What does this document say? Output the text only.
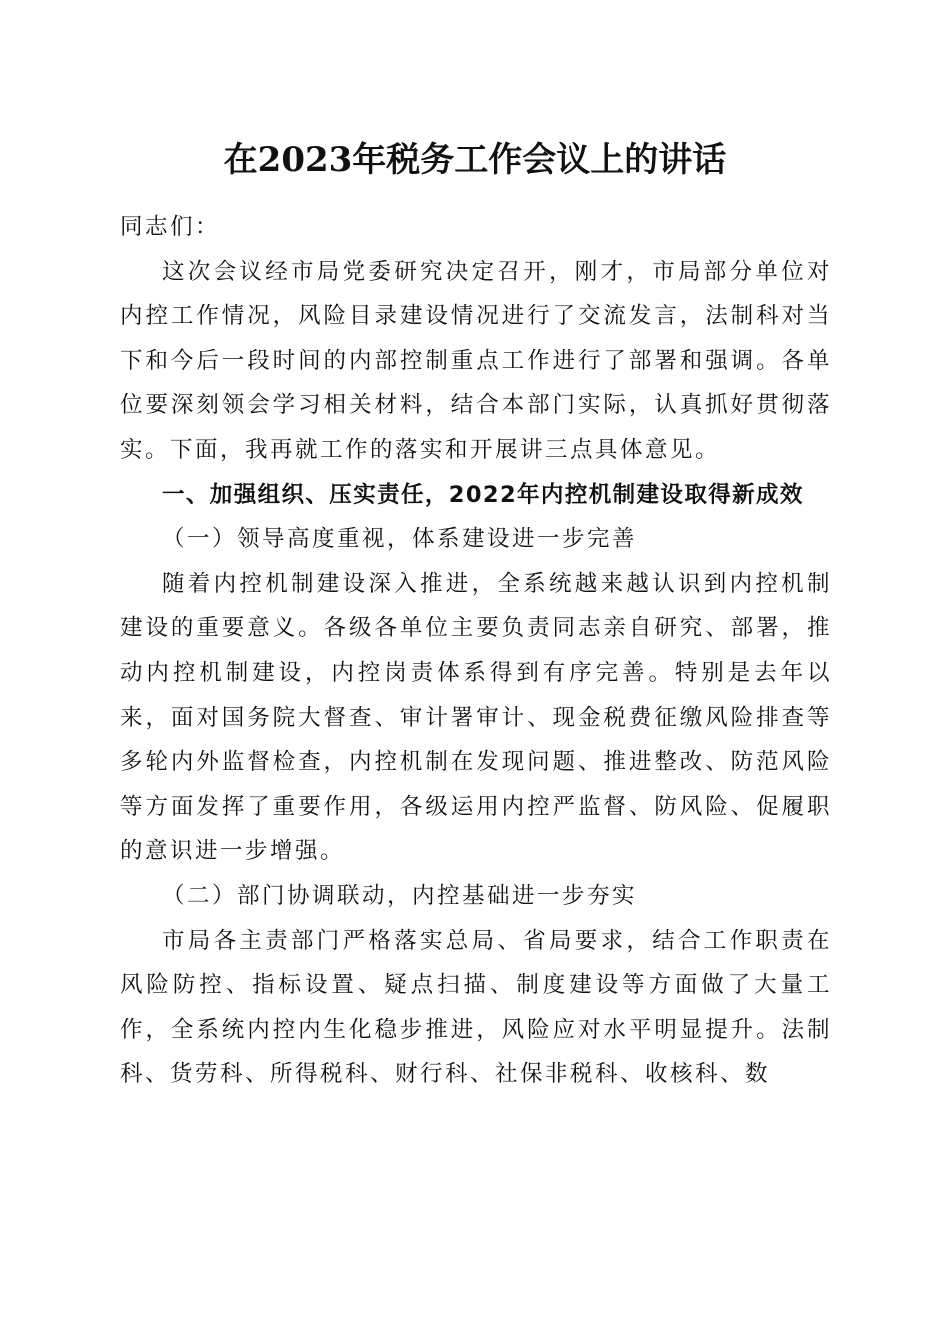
在2023年税务工作会议上的讲话

同志们：

这次会议经市局党委研究决定召开，刚才，市局部分单位对内控工作情况，风险目录建设情况进行了交流发言，法制科对当下和今后一段时间的内部控制重点工作进行了部署和强调。各单位要深刻领会学习相关材料，结合本部门实际，认真抓好贯彻落实。下面，我再就工作的落实和开展讲三点具体意见。

一、加强组织、压实责任，2022年内控机制建设取得新成效

（一）领导高度重视，体系建设进一步完善

随着内控机制建设深入推进，全系统越来越认识到内控机制建设的重要意义。各级各单位主要负责同志亲自研究、部署，推动内控机制建设，内控岗责体系得到有序完善。特别是去年以来，面对国务院大督查、审计署审计、现金税费征缴风险排查等多轮内外监督检查，内控机制在发现问题、推进整改、防范风险等方面发挥了重要作用，各级运用内控严监督、防风险、促履职的意识进一步增强。

（二）部门协调联动，内控基础进一步夯实

市局各主责部门严格落实总局、省局要求，结合工作职责在风险防控、指标设置、疑点扫描、制度建设等方面做了大量工作，全系统内控内生化稳步推进，风险应对水平明显提升。法制科、货劳科、所得税科、财行科、社保非税科、收核科、数
